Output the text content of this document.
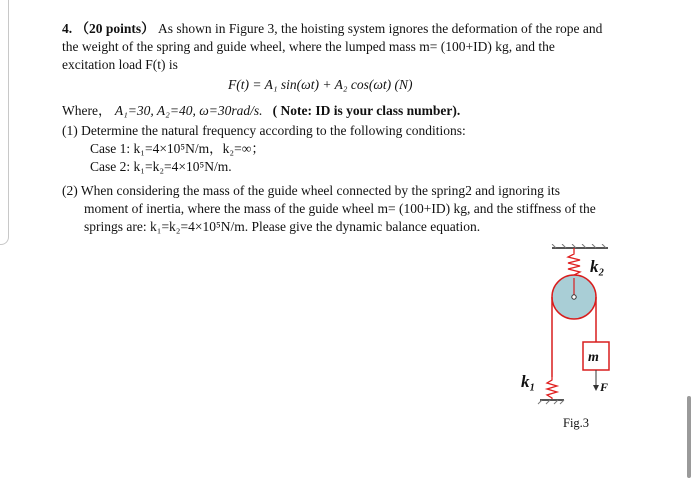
4. （20 points） As shown in Figure 3, the hoisting system ignores the deformation of the rope and
the weight of the spring and guide wheel, where the lumped mass m= (100+ID) kg, and the
excitation load F(t) is
F(t) = A₁ sin(ωt) + A₂ cos(ωt) (N)
Where， A₁=30, A₂=40, ω=30rad/s. ( Note: ID is your class number).
(1) Determine the natural frequency according to the following conditions:
Case 1: k₁=4×10⁵N/m，k₂=∞；
Case 2: k₁=k₂=4×10⁵N/m.
(2) When considering the mass of the guide wheel connected by the spring2 and ignoring its
moment of inertia, where the mass of the guide wheel m= (100+ID) kg, and the stiffness of the
springs are: k₁=k₂=4×10⁵N/m. Please give the dynamic balance equation.
k₂
k₁
m
F
Fig.3
